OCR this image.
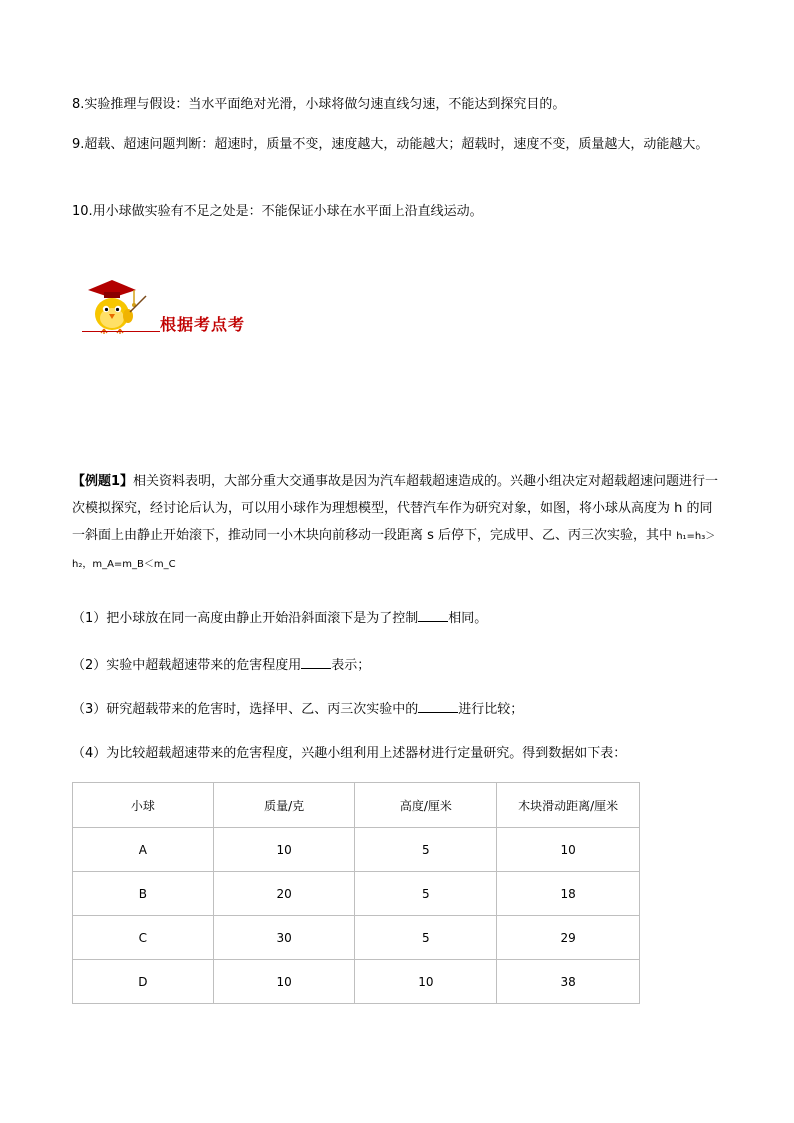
8.实验推理与假设：当水平面绝对光滑，小球将做匀速直线匀速，不能达到探究目的。

9.超载、超速问题判断：超速时，质量不变，速度越大，动能越大；超载时，速度不变，质量越大，动能越大。

10.用小球做实验有不足之处是：不能保证小球在水平面上沿直线运动。

根据考点考

【例题1】相关资料表明，大部分重大交通事故是因为汽车超载超速造成的。兴趣小组决定对超载超速问题进行一次模拟探究，经讨论后认为，可以用小球作为理想模型，代替汽车作为研究对象，如图，将小球从高度为 h 的同一斜面上由静止开始滚下，推动同一小木块向前移动一段距离 s 后停下，完成甲、乙、丙三次实验，其中 h₁=h₃＞h₂，m_A=m_B＜m_C

（1）把小球放在同一高度由静止开始沿斜面滚下是为了控制 相同。

（2）实验中超载超速带来的危害程度用 表示；

（3）研究超载带来的危害时，选择甲、乙、丙三次实验中的	进行比较；

（4）为比较超载超速带来的危害程度，兴趣小组利用上述器材进行定量研究。得到数据如下表：

小球	质量/克	高度/厘米	木块滑动距离/厘米
A	10	5	10
B	20	5	18
C	30	5	29
D	10	10	38
